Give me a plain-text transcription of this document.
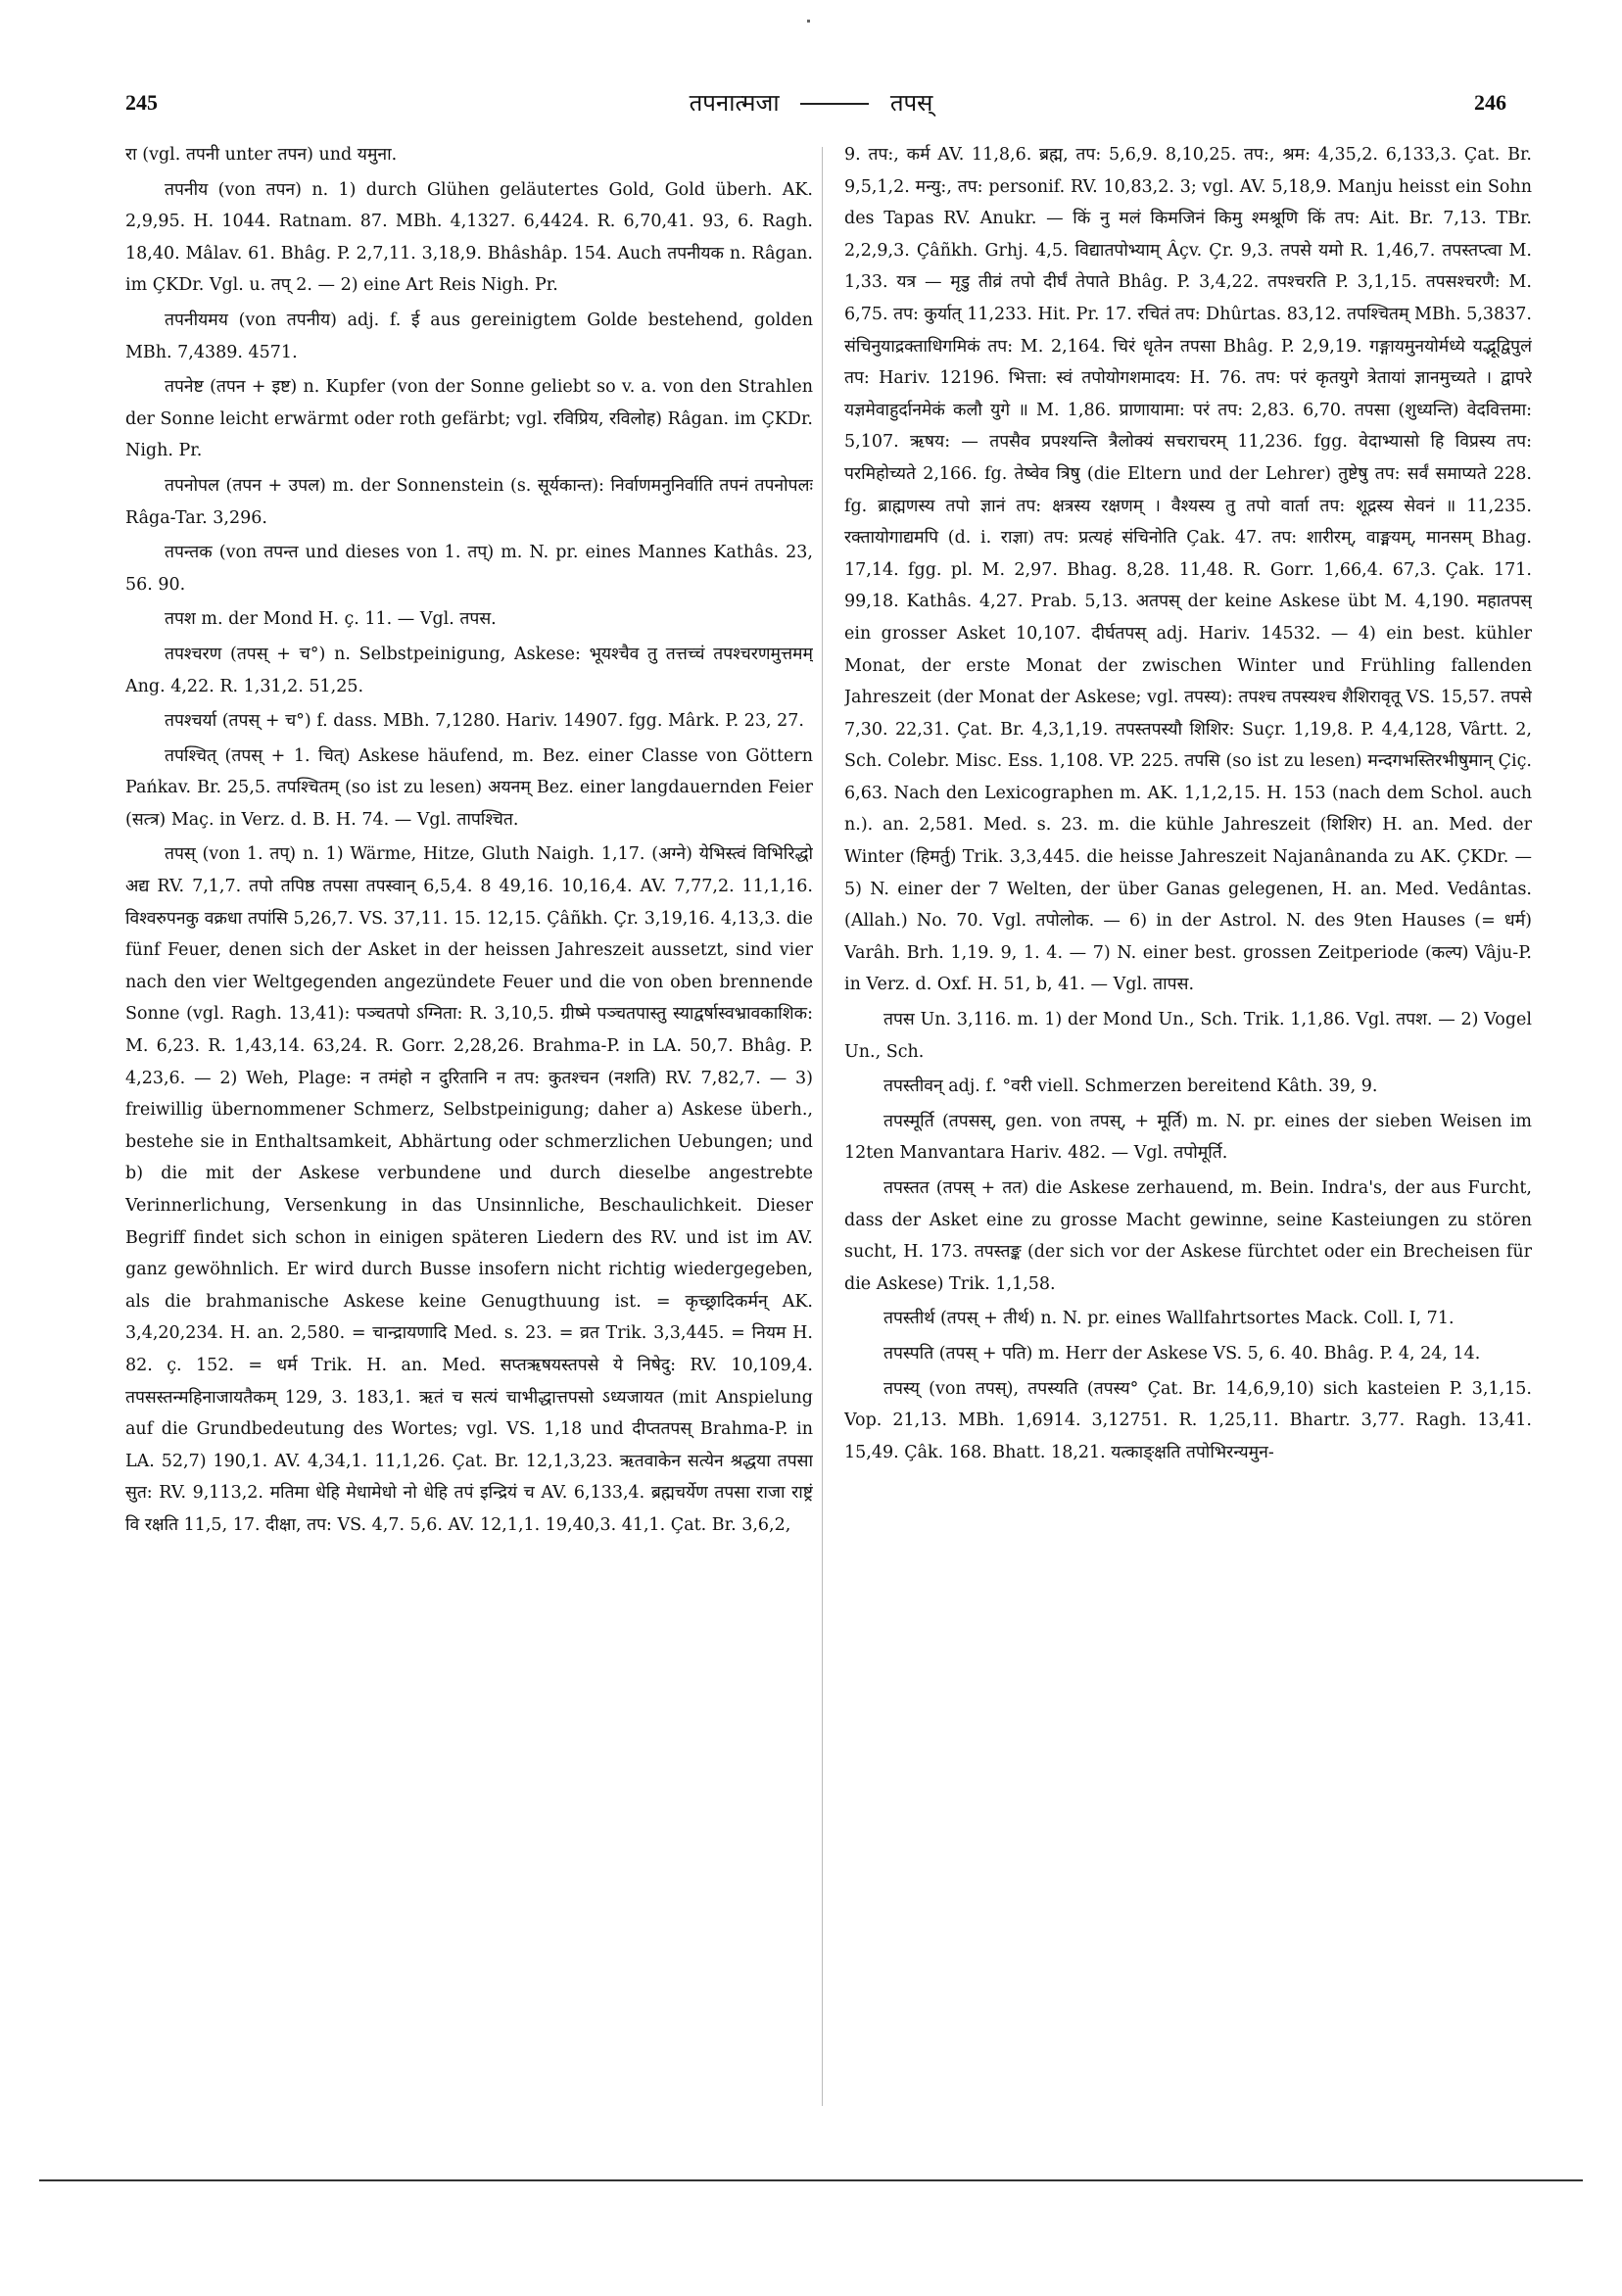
245	तपनात्मजा	तपस्	246

रा (vgl. तपनी unter तपन) und यमुना.

तपनीय (von तपन) n. 1) durch Glühen geläutertes Gold, Gold überh. AK. 2,9,95. H. 1044. Ratnam. 87. MBh. 4,1327. 6,4424. R. 6,70,41. 93, 6. Ragh. 18,40. Mâlav. 61. Bhâg. P. 2,7,11. 3,18,9. Bhâshâp. 154. Auch तपनीयक n. Râgan. im ÇKDr. Vgl. u. तप् 2. — 2) eine Art Reis Nigh. Pr.

तपनीयमय (von तपनीय) adj. f. ई aus gereinigtem Golde bestehend, golden MBh. 7,4389. 4571.

तपनेष्ट (तपन + इष्ट) n. Kupfer (von der Sonne geliebt so v. a. von den Strahlen der Sonne leicht erwärmt oder roth gefärbt; vgl. रविप्रिय, रविलोह) Râgan. im ÇKDr. Nigh. Pr.

तपनोपल (तपन + उपल) m. der Sonnenstein (s. सूर्यकान्त): निर्वाणमनुनिर्वाति तपनं तपनोपलः Râga-Tar. 3,296.

तपन्तक (von तपन्त und dieses von 1. तप्) m. N. pr. eines Mannes Kathâs. 23, 56. 90.

तपश m. der Mond H. ç. 11. — Vgl. तपस.

तपश्चरण (तपस् + च°) n. Selbstpeinigung, Askese: भूयश्चैव तु तत्तच्चं तपश्चरणमुत्तमम् Ang. 4,22. R. 1,31,2. 51,25.

तपश्चर्या (तपस् + च°) f. dass. MBh. 7,1280. Hariv. 14907. fgg. Mârk. P. 23, 27.

तपश्चित् (तपस् + 1. चित्) Askese häufend, m. Bez. einer Classe von Göttern Pańkav. Br. 25,5. तपश्चितम् (so ist zu lesen) अयनम् Bez. einer langdauernden Feier (सत्त्र) Maç. in Verz. d. B. H. 74. — Vgl. तापश्चित.

तपस् (von 1. तप्) n. 1) Wärme, Hitze, Gluth Naigh. 1,17. (अग्ने) येभिस्त्वं विभिरिद्धो अद्य RV. 7,1,7. तपो तपिष्ठ तपसा तपस्वान् 6,5,4. 8 49,16. 10,16,4. AV. 7,77,2. 11,1,16. विश्वरुपनकु वक्रधा तपांसि 5,26,7. VS. 37,11. 15. 12,15. Çâñkh. Çr. 3,19,16. 4,13,3. die fünf Feuer, denen sich der Asket in der heissen Jahreszeit aussetzt, sind vier nach den vier Weltgegenden angezündete Feuer und die von oben brennende Sonne (vgl. Ragh. 13,41): पञ्चतपो ऽग्निता: R. 3,10,5. ग्रीष्मे पञ्चतपास्तु स्याद्वर्षास्वभ्रावकाशिक: M. 6,23. R. 1,43,14. 63,24. R. Gorr. 2,28,26. Brahma-P. in LA. 50,7. Bhâg. P. 4,23,6. — 2) Weh, Plage: न तमंहो न दुरितानि न तप: कुतश्चन (नशति) RV. 7,82,7. — 3) freiwillig übernommener Schmerz, Selbstpeinigung; daher a) Askese überh., bestehe sie in Enthaltsamkeit, Abhärtung oder schmerzlichen Uebungen; und b) die mit der Askese verbundene und durch dieselbe angestrebte Verinnerlichung, Versenkung in das Unsinnliche, Beschaulichkeit. Dieser Begriff findet sich schon in einigen späteren Liedern des RV. und ist im AV. ganz gewöhnlich. Er wird durch Busse insofern nicht richtig wiedergegeben, als die brahmanische Askese keine Genugthuung ist. = कृच्छ्रादिकर्मन् AK. 3,4,20,234. H. an. 2,580. = चान्द्रायणादि Med. s. 23. = व्रत Trik. 3,3,445. = नियम H. 82. ç. 152. = धर्म Trik. H. an. Med. सप्तऋषयस्तपसे ये निषेदु: RV. 10,109,4. तपसस्तन्महिनाजायतैकम् 129, 3. 183,1. ऋतं च सत्यं चाभीद्धात्तपसो ऽध्यजायत (mit Anspielung auf die Grundbedeutung des Wortes; vgl. VS. 1,18 und दीप्ततपस् Brahma-P. in LA. 52,7) 190,1. AV. 4,34,1. 11,1,26. Çat. Br. 12,1,3,23. ऋतवाकेन सत्येन श्रद्धया तपसा सुत: RV. 9,113,2. मतिमा धेहि मेधामेधो नो धेहि तपं इन्द्रियं च AV. 6,133,4. ब्रह्मचर्येण तपसा राजा राष्ट्रं वि रक्षति 11,5, 17. दीक्षा, तप: VS. 4,7. 5,6. AV. 12,1,1. 19,40,3. 41,1. Çat. Br. 3,6,2,

9. तप:, कर्म AV. 11,8,6. ब्रह्म, तप: 5,6,9. 8,10,25. तप:, श्रम: 4,35,2. 6,133,3. Çat. Br. 9,5,1,2. मन्यु:, तप: personif. RV. 10,83,2. 3; vgl. AV. 5,18,9. Manju heisst ein Sohn des Tapas RV. Anukr. — किं नु मलं किमजिनं किमु श्मश्रूणि किं तप: Ait. Br. 7,13. TBr. 2,2,9,3. Çâñkh. Grhj. 4,5. विद्यातपोभ्याम् Âçv. Çr. 9,3. तपसे यमो R. 1,46,7. तपस्तप्त्वा M. 1,33. यत्र — मृडु तीव्रं तपो दीर्घं तेपाते Bhâg. P. 3,4,22. तपश्चरति P. 3,1,15. तपसश्चरणै: M. 6,75. तप: कुर्यात् 11,233. Hit. Pr. 17. रचितं तप: Dhûrtas. 83,12. तपश्चितम् MBh. 5,3837. संचिनुयाद्रक्ताधिगमिकं तप: M. 2,164. चिरं धृतेन तपसा Bhâg. P. 2,9,19. गङ्गायमुनयोर्मध्ये यद्भूद्विपुलं तप: Hariv. 12196. भित्ता: स्वं तपोयोगशमादय: H. 76. तप: परं कृतयुगे त्रेतायां ज्ञानमुच्यते । द्वापरे यज्ञमेवाहुर्दानमेकं कलौ युगे ॥ M. 1,86. प्राणायामा: परं तप: 2,83. 6,70. तपसा (शुध्यन्ति) वेदवित्तमा: 5,107. ऋषय: — तपसैव प्रपश्यन्ति त्रैलोक्यं सचराचरम् 11,236. fgg. वेदाभ्यासो हि विप्रस्य तप: परमिहोच्यते 2,166. fg. तेष्वेव त्रिषु (die Eltern und der Lehrer) तुष्टेषु तप: सर्वं समाप्यते 228. fg. ब्राह्मणस्य तपो ज्ञानं तप: क्षत्रस्य रक्षणम् । वैश्यस्य तु तपो वार्ता तप: शूद्रस्य सेवनं ॥ 11,235. रक्तायोगाद्यमपि (d. i. राज्ञा) तप: प्रत्यहं संचिनोति Çak. 47. तप: शारीरम्, वाङ्मयम्, मानसम् Bhag. 17,14. fgg. pl. M. 2,97. Bhag. 8,28. 11,48. R. Gorr. 1,66,4. 67,3. Çak. 171. 99,18. Kathâs. 4,27. Prab. 5,13. अतपस् der keine Askese übt M. 4,190. महातपस् ein grosser Asket 10,107. दीर्घतपस् adj. Hariv. 14532. — 4) ein best. kühler Monat, der erste Monat der zwischen Winter und Frühling fallenden Jahreszeit (der Monat der Askese; vgl. तपस्य): तपश्च तपस्यश्च शैशिरावृतू VS. 15,57. तपसे 7,30. 22,31. Çat. Br. 4,3,1,19. तपस्तपस्यौ शिशिर: Suçr. 1,19,8. P. 4,4,128, Vârtt. 2, Sch. Colebr. Misc. Ess. 1,108. VP. 225. तपसि (so ist zu lesen) मन्दगभस्तिरभीषुमान् Çiç. 6,63. Nach den Lexicographen m. AK. 1,1,2,15. H. 153 (nach dem Schol. auch n.). an. 2,581. Med. s. 23. m. die kühle Jahreszeit (शिशिर) H. an. Med. der Winter (हिमर्तु) Trik. 3,3,445. die heisse Jahreszeit Najanânanda zu AK. ÇKDr. — 5) N. einer der 7 Welten, der über Ganas gelegenen, H. an. Med. Vedântas. (Allah.) No. 70. Vgl. तपोलोक. — 6) in der Astrol. N. des 9ten Hauses (= धर्म) Varâh. Brh. 1,19. 9, 1. 4. — 7) N. einer best. grossen Zeitperiode (कल्प) Vâju-P. in Verz. d. Oxf. H. 51, b, 41. — Vgl. तापस.

तपस Un. 3,116. m. 1) der Mond Un., Sch. Trik. 1,1,86. Vgl. तपश. — 2) Vogel Un., Sch.

तपस्तीवन् adj. f. °वरी viell. Schmerzen bereitend Kâth. 39, 9.

तपस्मूर्ति (तपसस्, gen. von तपस्, + मूर्ति) m. N. pr. eines der sieben Weisen im 12ten Manvantara Hariv. 482. — Vgl. तपोमूर्ति.

तपस्तत (तपस् + तत) die Askese zerhauend, m. Bein. Indra's, der aus Furcht, dass der Asket eine zu grosse Macht gewinne, seine Kasteiungen zu stören sucht, H. 173. तपस्तङ्क (der sich vor der Askese fürchtet oder ein Brecheisen für die Askese) Trik. 1,1,58.

तपस्तीर्थ (तपस् + तीर्थ) n. N. pr. eines Wallfahrtsortes Mack. Coll. I, 71.

तपस्पति (तपस् + पति) m. Herr der Askese VS. 5, 6. 40. Bhâg. P. 4, 24, 14.

तपस्य् (von तपस्), तपस्यति (तपस्य° Çat. Br. 14,6,9,10) sich kasteien P. 3,1,15. Vop. 21,13. MBh. 1,6914. 3,12751. R. 1,25,11. Bhartr. 3,77. Ragh. 13,41. 15,49. Çâk. 168. Bhatt. 18,21. यत्काङ्क्षति तपोभिरन्यमुन-
